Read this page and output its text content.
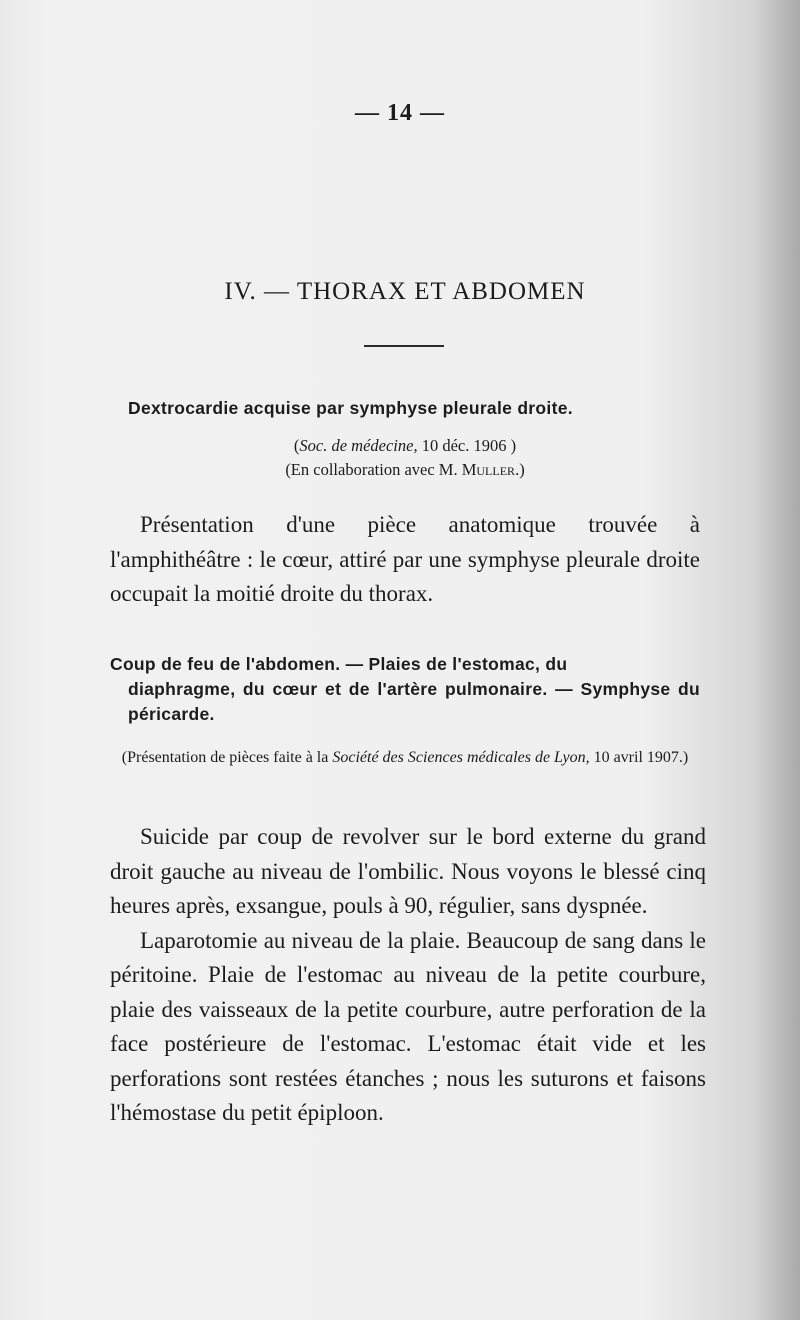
— 14 —
IV. — THORAX ET ABDOMEN
Dextrocardie acquise par symphyse pleurale droite.
(Soc. de médecine, 10 déc. 1906 )
(En collaboration avec M. Muller.)

Présentation d'une pièce anatomique trouvée à l'amphithéâtre : le cœur, attiré par une symphyse pleurale droite occupait la moitié droite du thorax.

Coup de feu de l'abdomen. — Plaies de l'estomac, du
diaphragme, du cœur et de l'artère pulmonaire. — Symphyse du péricarde.
(Présentation de pièces faite à la Société des Sciences médicales de Lyon, 10 avril 1907.)

Suicide par coup de revolver sur le bord externe du grand droit gauche au niveau de l'ombilic. Nous voyons le blessé cinq heures après, exsangue, pouls à 90, régulier, sans dyspnée.

Laparotomie au niveau de la plaie. Beaucoup de sang dans le péritoine. Plaie de l'estomac au niveau de la petite courbure, plaie des vaisseaux de la petite courbure, autre perforation de la face postérieure de l'estomac. L'estomac était vide et les perforations sont restées étanches ; nous les suturons et faisons l'hémostase du petit épiploon.
